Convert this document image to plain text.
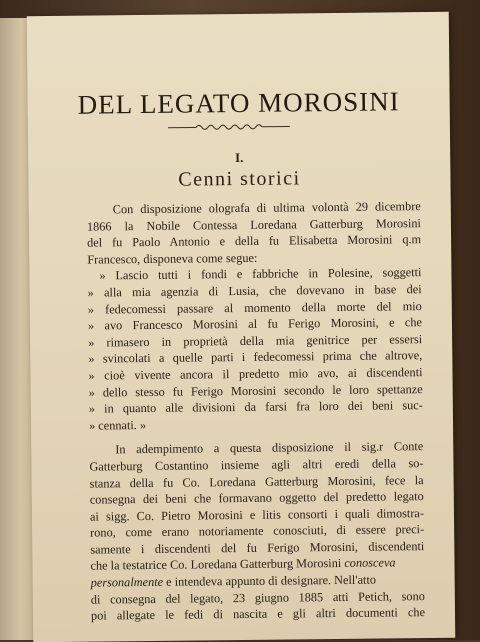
DEL LEGATO MOROSINI
I.
Cenni storici
Con disposizione olografa di ultima volontà 29 dicembre
1866 la Nobile Contessa Loredana Gatterburg Morosini
del fu Paolo Antonio e della fu Elisabetta Morosini q.m
Francesco, disponeva come segue:
» Lascio tutti i fondi e fabbriche in Polesine, soggetti
» alla mia agenzia di Lusia, che dovevano in base dei
» fedecomessi passare al momento della morte del mio
» avo Francesco Morosini al fu Ferigo Morosini, e che
» rimasero in proprietà della mia genitrice per essersi
» svincolati a quelle parti i fedecomessi prima che altrove,
» cioè vivente ancora il predetto mio avo, ai discendenti
» dello stesso fu Ferigo Morosini secondo le loro spettanze
» in quanto alle divisioni da farsi fra loro dei beni suc-
» cennati. »
In adempimento a questa disposizione il sig.r Conte
Gatterburg Costantino insieme agli altri eredi della so-
stanza della fu Co. Loredana Gatterburg Morosini, fece la
consegna dei beni che formavano oggetto del predetto legato
ai sigg. Co. Pietro Morosini e litis consorti i quali dimostra-
rono, come erano notoriamente conosciuti, di essere preci-
samente i discendenti del fu Ferigo Morosini, discendenti
che la testatrice Co. Loredana Gatterburg Morosini conosceva
personalmente e intendeva appunto di designare. Nell'atto
di consegna del legato, 23 giugno 1885 atti Petich, sono
poi allegate le fedi di nascita e gli altri documenti che
